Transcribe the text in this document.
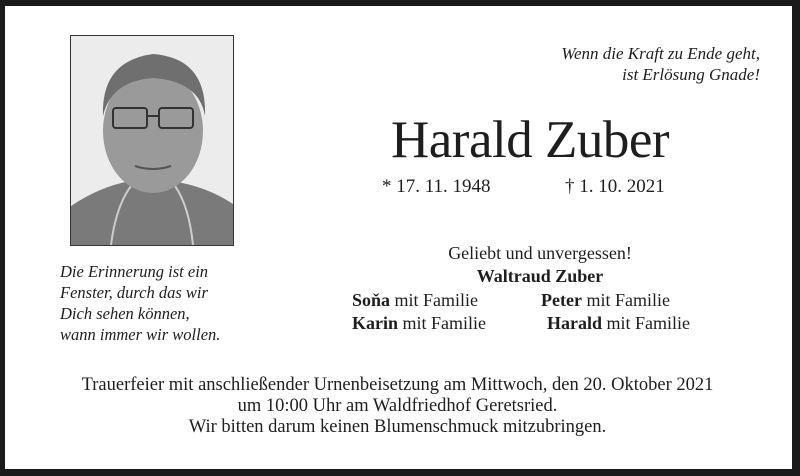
Wenn die Kraft zu Ende geht,
ist Erlösung Gnade!
Harald Zuber
* 17. 11. 1948	† 1. 10. 2021
Die Erinnerung ist ein
Fenster, durch das wir
Dich sehen können,
wann immer wir wollen.
Geliebt und unvergessen!
Waltraud Zuber
Soňa mit Familie	Peter mit Familie
Karin mit Familie	Harald mit Familie
Trauerfeier mit anschließender Urnenbeisetzung am Mittwoch, den 20. Oktober 2021
um 10:00 Uhr am Waldfriedhof Geretsried.
Wir bitten darum keinen Blumenschmuck mitzubringen.
